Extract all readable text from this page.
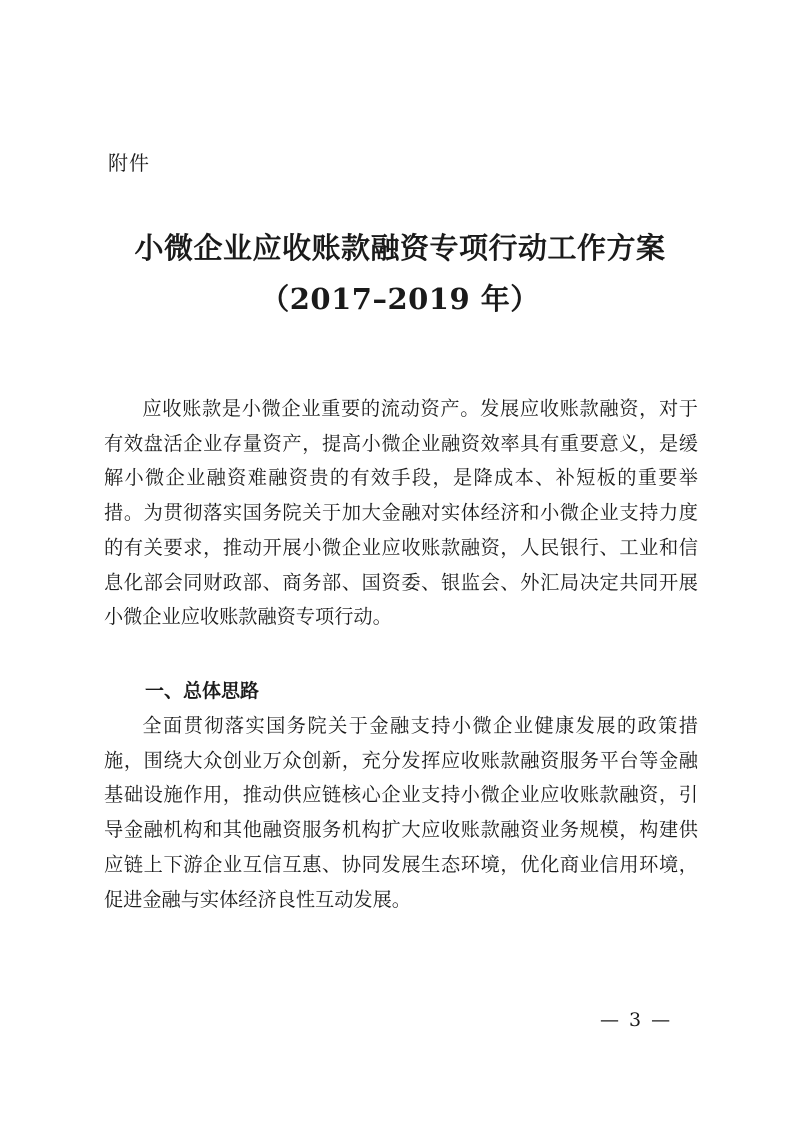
附件
小微企业应收账款融资专项行动工作方案
（2017–2019 年）
应收账款是小微企业重要的流动资产。发展应收账款融资，对于有效盘活企业存量资产，提高小微企业融资效率具有重要意义，是缓解小微企业融资难融资贵的有效手段，是降成本、补短板的重要举措。为贯彻落实国务院关于加大金融对实体经济和小微企业支持力度的有关要求，推动开展小微企业应收账款融资，人民银行、工业和信息化部会同财政部、商务部、国资委、银监会、外汇局决定共同开展小微企业应收账款融资专项行动。
一、总体思路
全面贯彻落实国务院关于金融支持小微企业健康发展的政策措施，围绕大众创业万众创新，充分发挥应收账款融资服务平台等金融基础设施作用，推动供应链核心企业支持小微企业应收账款融资，引导金融机构和其他融资服务机构扩大应收账款融资业务规模，构建供应链上下游企业互信互惠、协同发展生态环境，优化商业信用环境，促进金融与实体经济良性互动发展。
— 3 —
